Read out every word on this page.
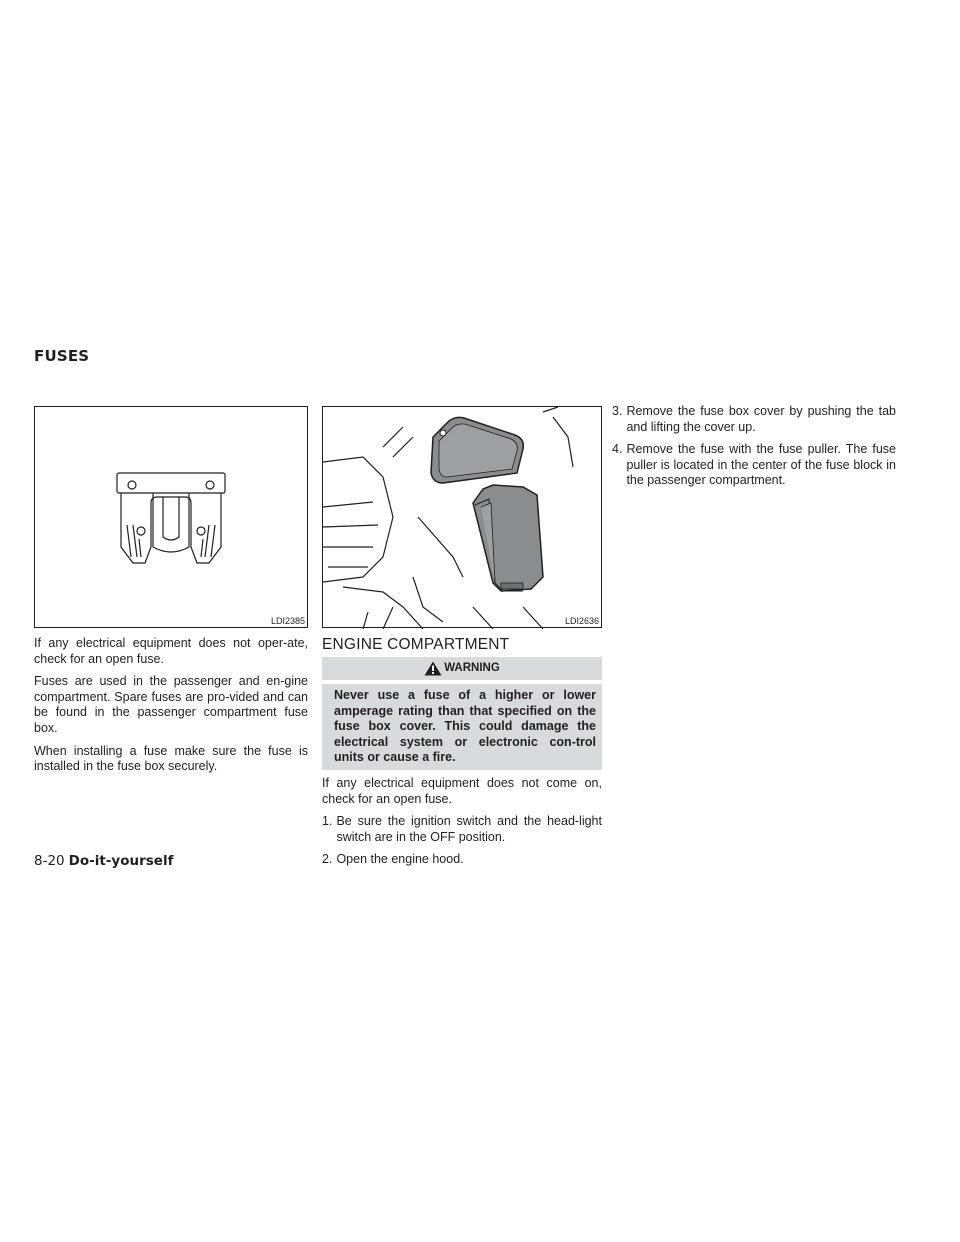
FUSES
LDI2385	LDI2636

If any electrical equipment does not oper-ate, check for an open fuse.

Fuses are used in the passenger and en-gine compartment. Spare fuses are pro-vided and can be found in the passenger compartment fuse box.

When installing a fuse make sure the fuse is installed in the fuse box securely.

ENGINE COMPARTMENT
WARNING
Never use a fuse of a higher or lower amperage rating than that specified on the fuse box cover. This could damage the electrical system or electronic con-trol units or cause a fire.

If any electrical equipment does not come on, check for an open fuse.

1. Be sure the ignition switch and the head-light switch are in the OFF position.
2. Open the engine hood.
3. Remove the fuse box cover by pushing the tab and lifting the cover up.
4. Remove the fuse with the fuse puller. The fuse puller is located in the center of the fuse block in the passenger compartment.
8-20 Do-it-yourself
